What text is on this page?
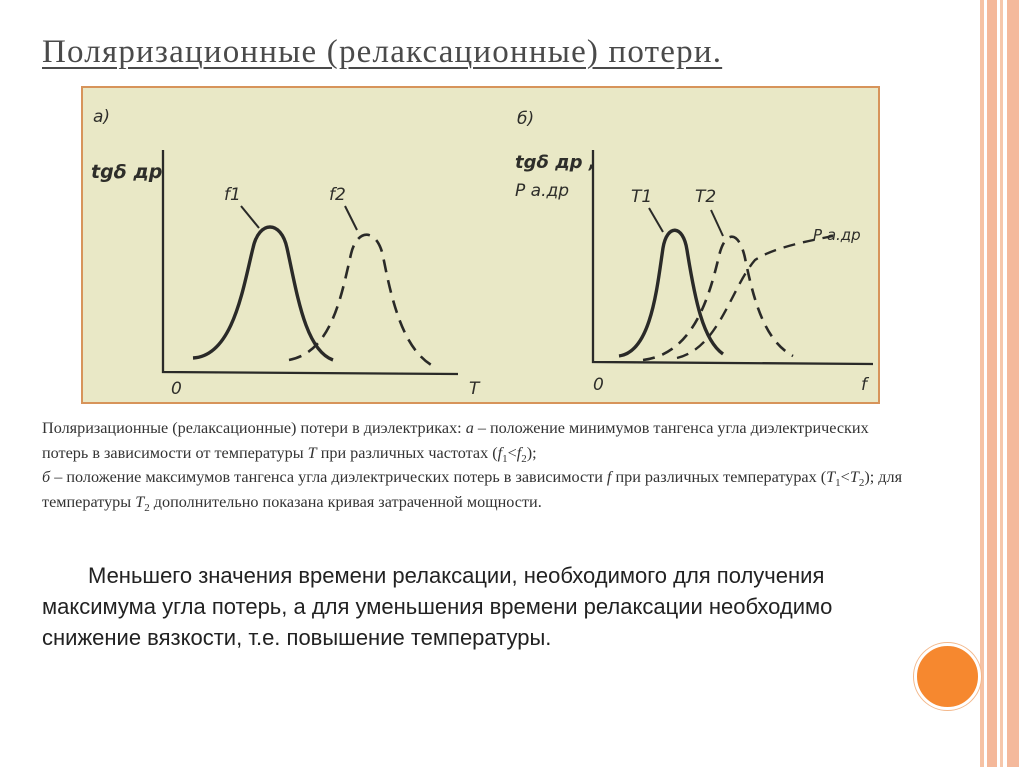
Поляризационные (релаксационные) потери.
a)
tgδ др
0	T
f1	f2
б)
tgδ др ,
P а.др
0	f
T1	T2
P а.др

Поляризационные (релаксационные) потери в диэлектриках: а – положение минимумов тангенса угла диэлектрических потерь в зависимости от температуры T при различных частотах $(f_1<f_2)$;

б – положение максимумов тангенса угла диэлектрических потерь в зависимости f при различных температурах $(T_1<T_2)$; для температуры $T_2$ дополнительно показана кривая затраченной мощности.

Меньшего значения времени релаксации, необходимого для получения максимума угла потерь, а для уменьшения времени релаксации необходимо снижение вязкости, т.е. повышение температуры.
